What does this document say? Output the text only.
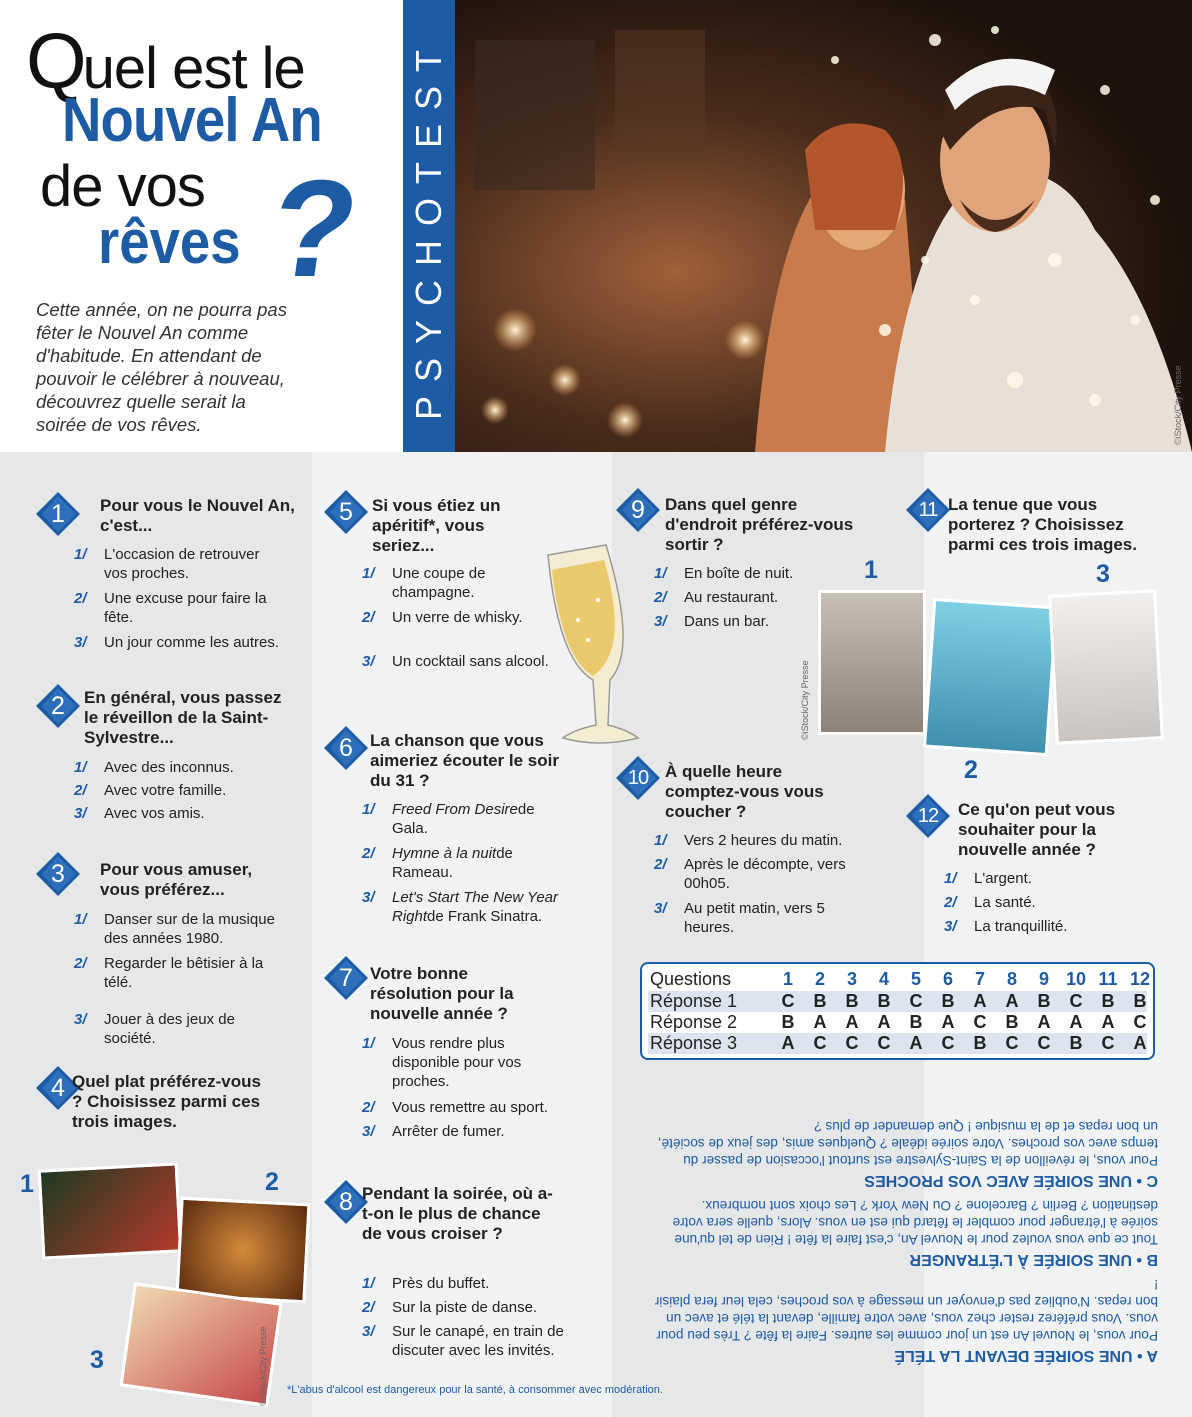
Quel est le
Nouvel An
de vos
rêves ?

Cette année, on ne pourra pas fêter le Nouvel An comme d'habitude. En attendant de pouvoir le célébrer à nouveau, découvrez quelle serait la soirée de vos rêves.

PSYCHOTEST	©iStock/City Presse
1	Pour vous le Nouvel An, c'est...
1/	L'occasion de retrouver vos proches.
2/	Une excuse pour faire la fête.
3/	Un jour comme les autres.
2	En général, vous passez le réveillon de la Saint-Sylvestre...
1/	Avec des inconnus.
2/	Avec votre famille.
3/	Avec vos amis.
3	Pour vous amuser, vous préférez...
1/	Danser sur de la musique des années 1980.
2/	Regarder le bêtisier à la télé.
3/	Jouer à des jeux de société.
4 Quel plat préférez-vous ? Choisissez parmi ces trois images.
5	Si vous étiez un apéritif*, vous seriez...
1/	Une coupe de champagne.
2/	Un verre de whisky.
3/	Un cocktail sans alcool.
6	La chanson que vous aimeriez écouter le soir du 31 ?
1/	Freed From Desirede Gala.
2/	Hymne à la nuitde Rameau.
3/	Let's Start The New Year Rightde Frank Sinatra.
7	Votre bonne résolution pour la nouvelle année ?
1/	Vous rendre plus disponible pour vos proches.
2/	Vous remettre au sport.
3/	Arrêter de fumer.
8 Pendant la soirée, où a-t-on le plus de chance de vous croiser ?
1/	Près du buffet.
2/	Sur la piste de danse.
3/	Sur le canapé, en train de discuter avec les invités.
9	Dans quel genre d'endroit préférez-vous sortir ?
1/	En boîte de nuit.
2/	Au restaurant.
3/	Dans un bar.
10 À quelle heure comptez-vous vous coucher ?
1/	Vers 2 heures du matin.
2/	Après le décompte, vers 00h05.
3/	Au petit matin, vers 5 heures.
11 La tenue que vous porterez ? Choisissez parmi ces trois images.
12	Ce qu'on peut vous souhaiter pour la nouvelle année ?
1/	L'argent.
2/	La santé.
3/	La tranquillité.
1	2
3	©iStock/City Presse
1
2
3
©iStock/City Presse
Questions	1	2	3	4	5	6	7	8	9 10 11 12
Réponse 1	C	B	B	B	C	B	A	A	B	C	B	B
Réponse 2	B	A	A	A	B	A	C	B	A	A	A	C
Réponse 3	A	C	C	C	A	C	B	C	C	B	C	A
A • UNE SOIRÉE DEVANT LA TÉLÉ

Pour vous, le Nouvel An est un jour comme les autres. Faire la fête ? Très peu pour vous. Vous préférez rester chez vous, avec votre famille, devant la télé et avec un bon repas. N'oubliez pas d'envoyer un message à vos proches, cela leur fera plaisir !

B • UNE SOIRÉE À L'ÉTRANGER

Tout ce que vous voulez pour le Nouvel An, c'est faire la fête ! Rien de tel qu'une soirée à l'étranger pour combler le fêtard qui est en vous. Alors, quelle sera votre destination ? Berlin ? Barcelone ? Ou New York ? Les choix sont nombreux.

C • UNE SOIRÉE AVEC VOS PROCHES

Pour vous, le réveillon de la Saint-Sylvestre est surtout l'occasion de passer du temps avec vos proches. Votre soirée idéale ? Quelques amis, des jeux de société, un bon repas et de la musique ! Que demander de plus ?

*L'abus d'alcool est dangereux pour la santé, à consommer avec modération.
